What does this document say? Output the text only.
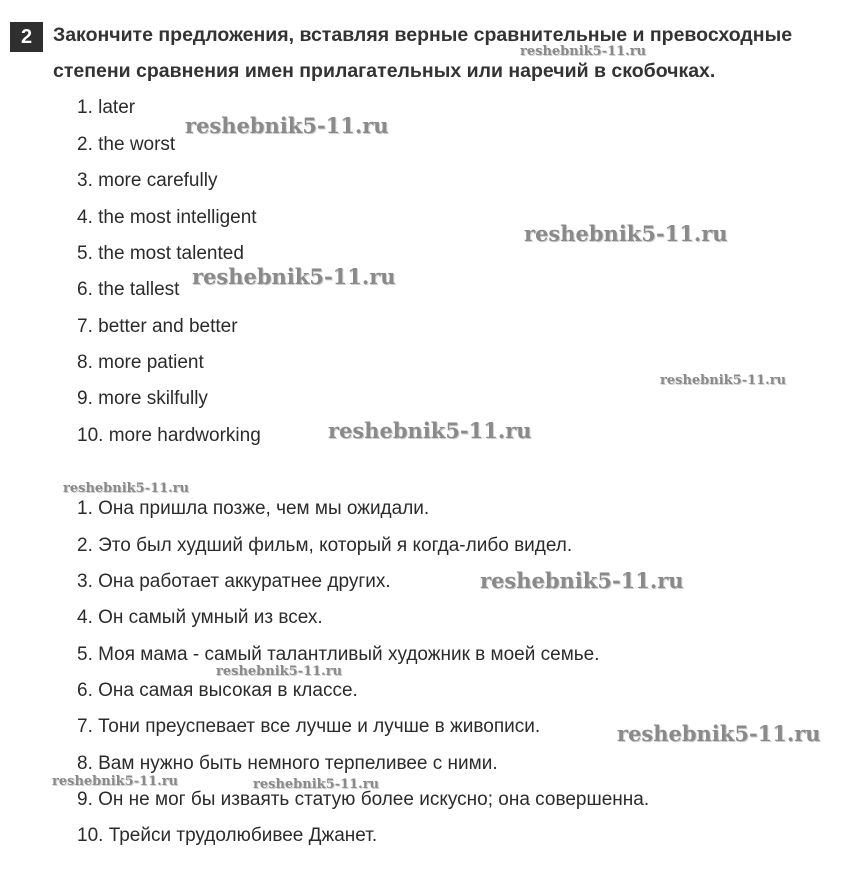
2	Закончите предложения, вставляя верные сравнительные и превосходные
степени сравнения имен прилагательных или наречий в скобочках.
1. later
2. the worst
3. more carefully
4. the most intelligent
5. the most talented
6. the tallest
7. better and better
8. more patient
9. more skilfully
10. more hardworking
1. Она пришла позже, чем мы ожидали.
2. Это был худший фильм, который я когда-либо видел.
3. Она работает аккуратнее других.
4. Он самый умный из всех.
5. Моя мама - самый талантливый художник в моей семье.
6. Она самая высокая в классе.
7. Тони преуспевает все лучше и лучше в живописи.
8. Вам нужно быть немного терпеливее с ними.
9. Он не мог бы изваять статую более искусно; она совершенна.
10. Трейси трудолюбивее Джанет.
reshebnik5-11.ru
reshebnik5-11.ru
reshebnik5-11.ru
reshebnik5-11.ru
reshebnik5-11.ru
reshebnik5-11.ru
reshebnik5-11.ru
reshebnik5-11.ru
reshebnik5-11.ru
reshebnik5-11.ru
reshebnik5-11.ru	reshebnik5-11.ru
